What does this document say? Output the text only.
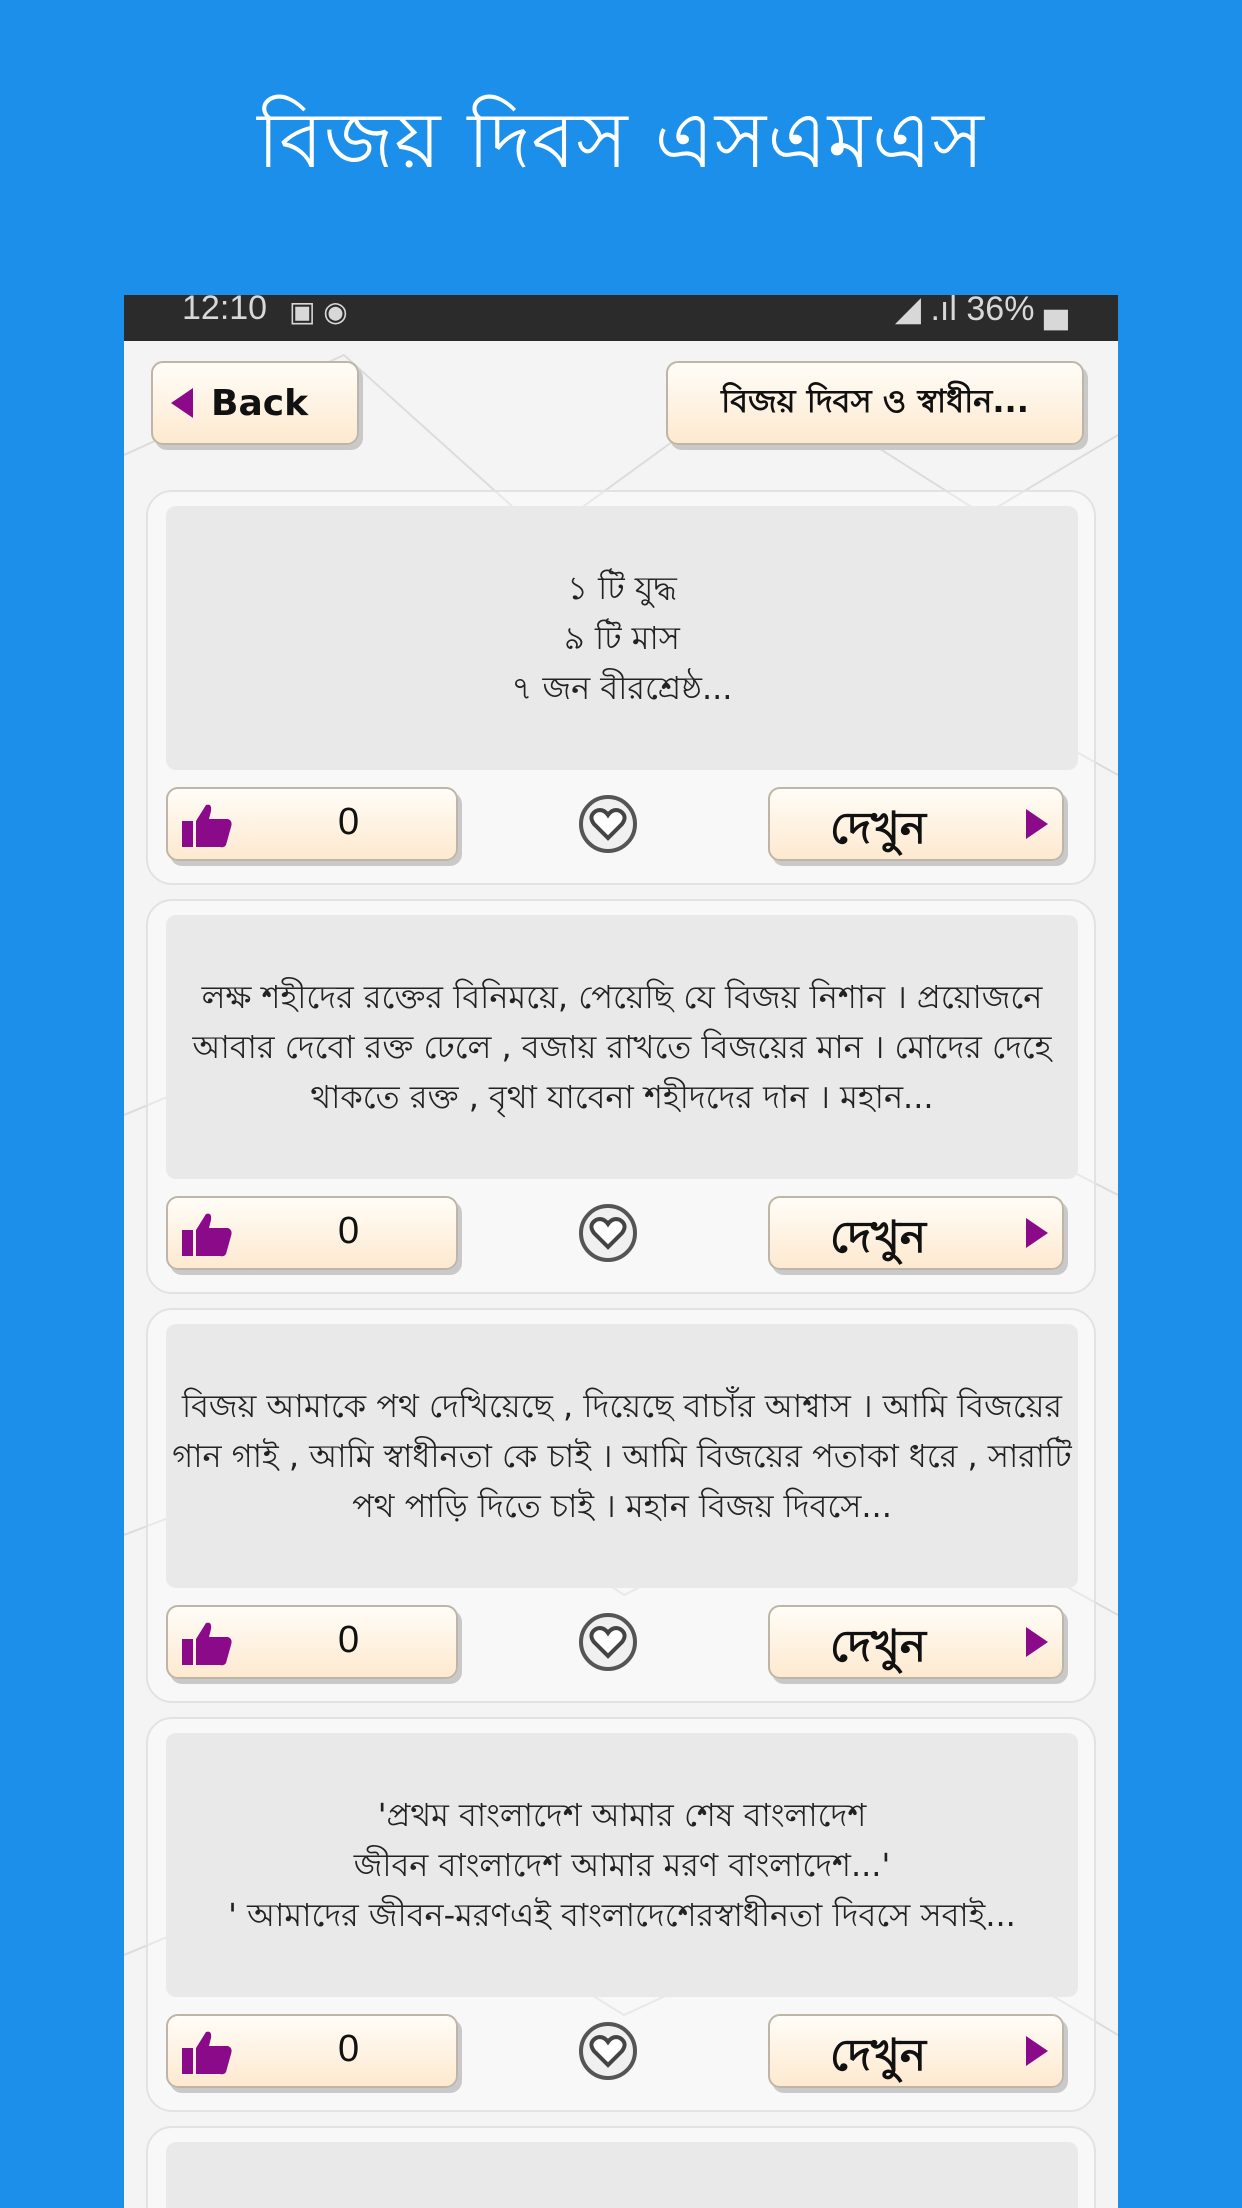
বিজয় দিবস এসএমএস
12:10 ▣ ◉	◢ .ıl 36% ▄
Back	বিজয় দিবস ও স্বাধীন...
১ টি যুদ্ধ
৯ টি মাস
৭ জন বীরশ্রেষ্ঠ...
0	দেখুন
লক্ষ শহীদের রক্তের বিনিময়ে, পেয়েছি যে বিজয় নিশান । প্রয়োজনে আবার দেবো রক্ত ঢেলে , বজায় রাখতে বিজয়ের মান । মোদের দেহে থাকতে রক্ত , বৃথা যাবেনা শহীদদের দান । মহান...
0	দেখুন
বিজয় আমাকে পথ দেখিয়েছে , দিয়েছে বাচাঁর আশ্বাস । আমি বিজয়ের গান গাই , আমি স্বাধীনতা কে চাই । আমি বিজয়ের পতাকা ধরে , সারাটি পথ পাড়ি দিতে চাই । মহান বিজয় দিবসে...
0	দেখুন
'প্রথম বাংলাদেশ আমার শেষ বাংলাদেশ
জীবন বাংলাদেশ আমার মরণ বাংলাদেশ...'
' আমাদের জীবন-মরণএই বাংলাদেশেরস্বাধীনতা দিবসে সবাই...
0	দেখুন
